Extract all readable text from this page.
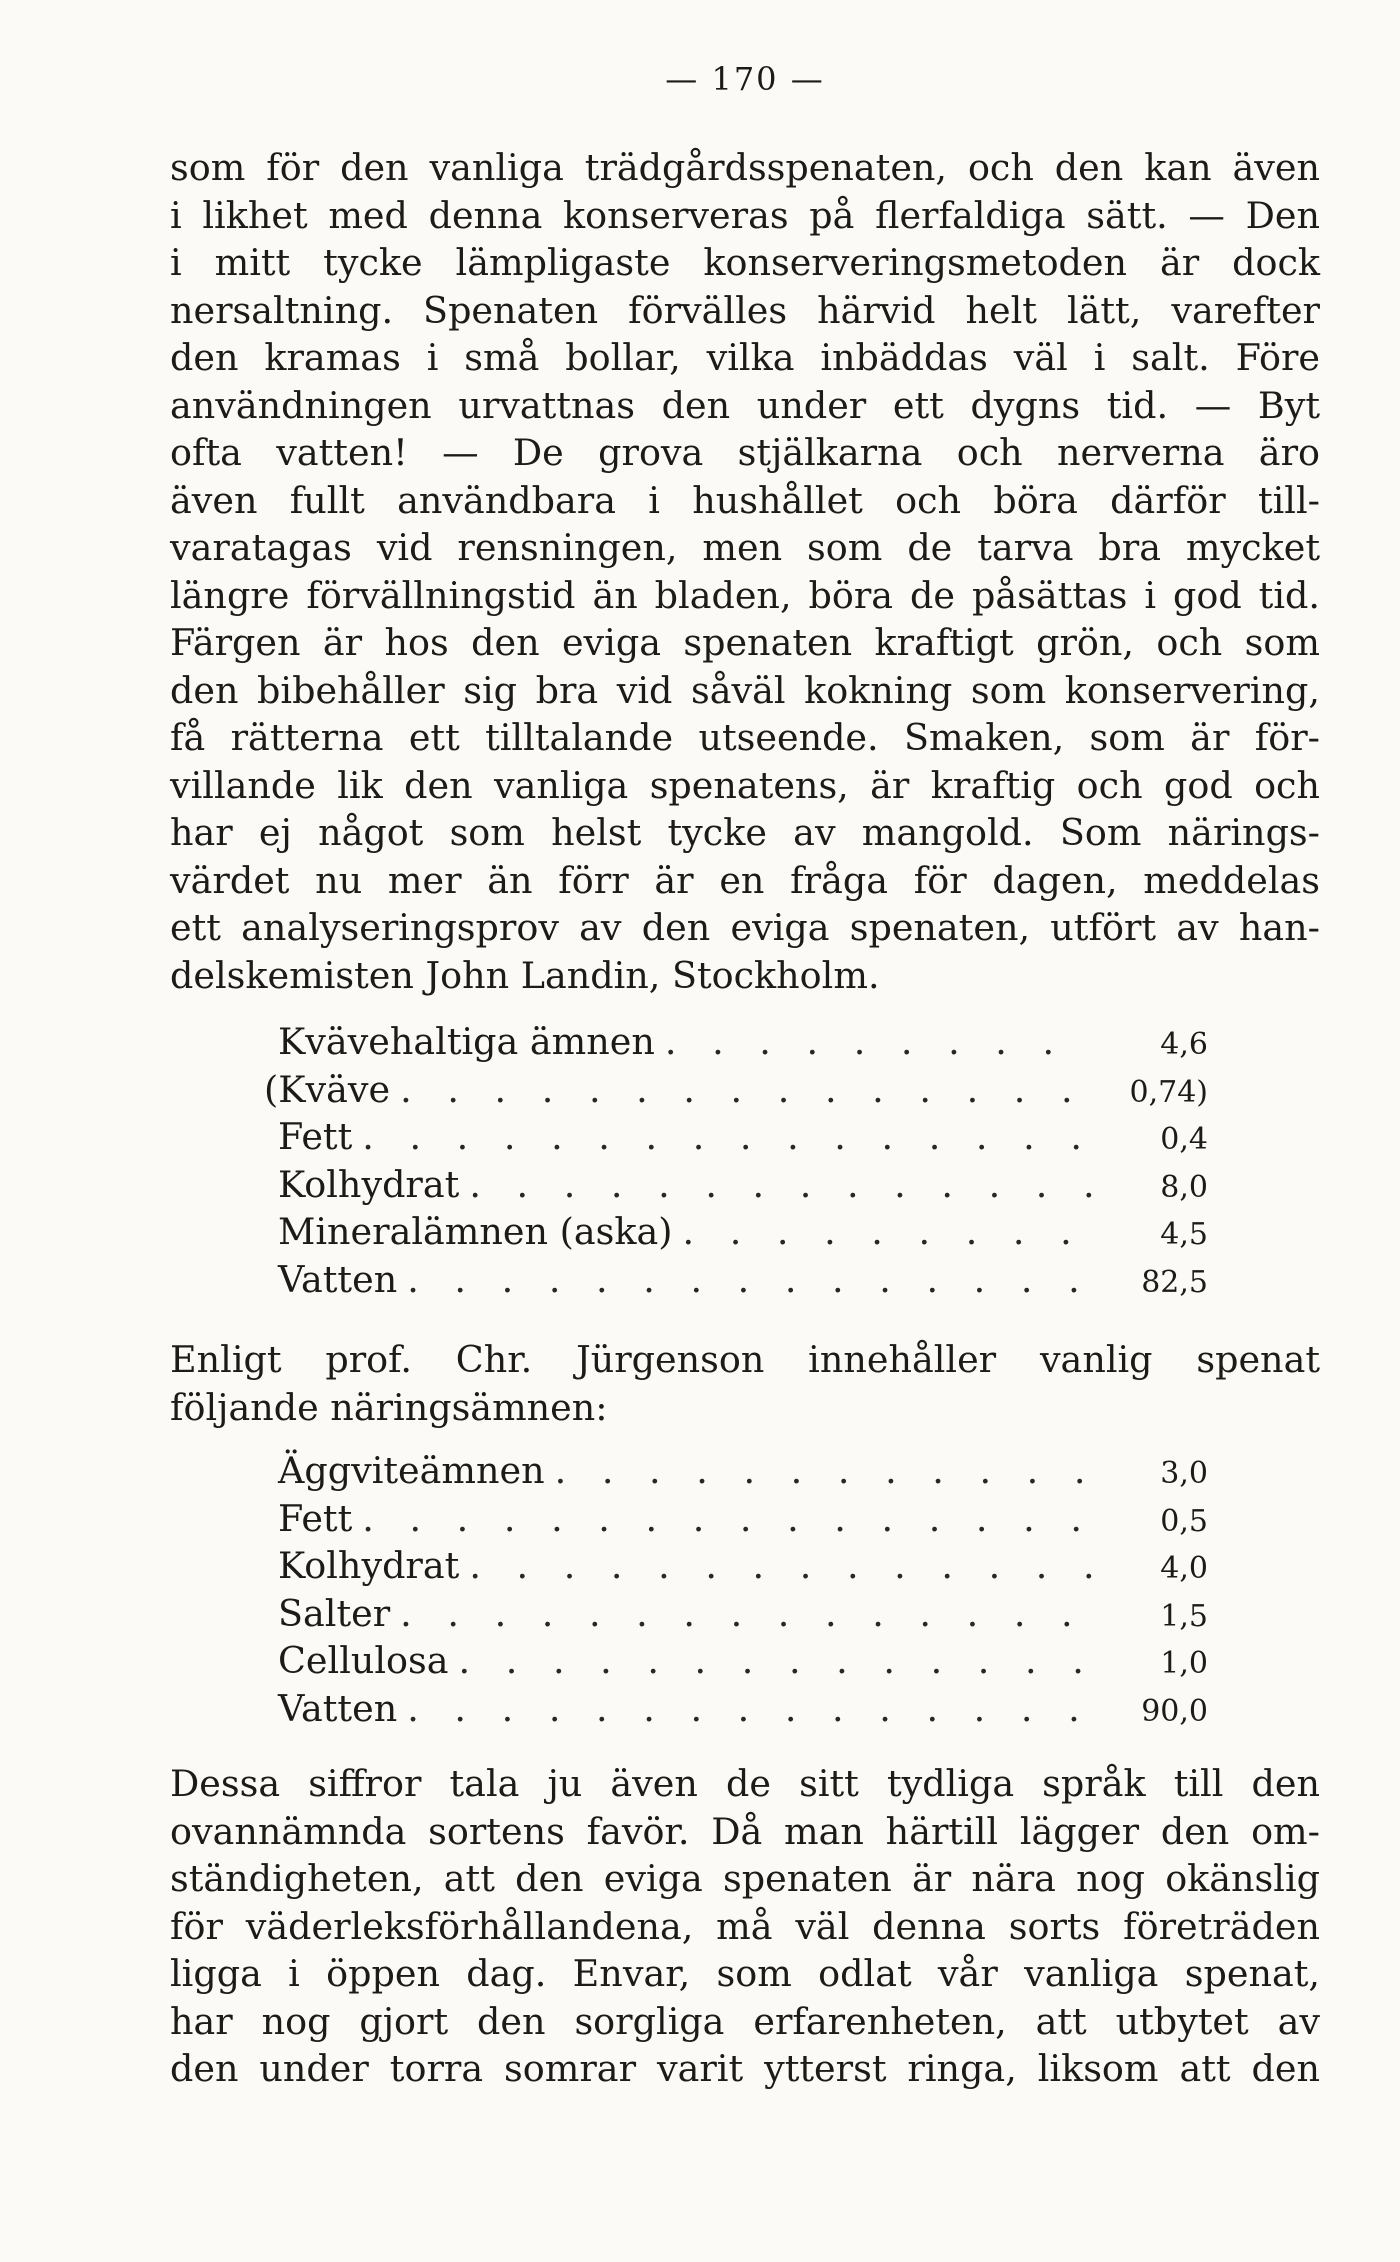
— 170 —
som för den vanliga trädgårdsspenaten, och den kan även
i likhet med denna konserveras på flerfaldiga sätt. — Den
i mitt tycke lämpligaste konserveringsmetoden är dock
nersaltning. Spenaten förvälles härvid helt lätt, varefter
den kramas i små bollar, vilka inbäddas väl i salt. Före
användningen urvattnas den under ett dygns tid. — Byt
ofta vatten! — De grova stjälkarna och nerverna äro
även fullt användbara i hushållet och böra därför till-
varatagas vid rensningen, men som de tarva bra mycket
längre förvällningstid än bladen, böra de påsättas i god tid.
Färgen är hos den eviga spenaten kraftigt grön, och som
den bibehåller sig bra vid såväl kokning som konservering,
få rätterna ett tilltalande utseende. Smaken, som är för-
villande lik den vanliga spenatens, är kraftig och god och
har ej något som helst tycke av mangold. Som närings-
värdet nu mer än förr är en fråga för dagen, meddelas
ett analyseringsprov av den eviga spenaten, utfört av han-
delskemisten John Landin, Stockholm.
Kvävehaltiga ämnen . . . . . . . . .	4,6
(Kväve . . . . . . . . . . . . . . .	0,74)
Fett . . . . . . . . . . . . . . . .	0,4
Kolhydrat . . . . . . . . . . . . . .	8,0
Mineralämnen (aska) . . . . . . . . .	4,5
Vatten . . . . . . . . . . . . . . .	82,5
Enligt prof. Chr. Jürgenson innehåller vanlig spenat
följande näringsämnen:
Äggviteämnen . . . . . . . . . . . .	3,0
Fett . . . . . . . . . . . . . . . .	0,5
Kolhydrat . . . . . . . . . . . . . .	4,0
Salter . . . . . . . . . . . . . . .	1,5
Cellulosa . . . . . . . . . . . . . .	1,0
Vatten . . . . . . . . . . . . . . .	90,0
Dessa siffror tala ju även de sitt tydliga språk till den
ovannämnda sortens favör. Då man härtill lägger den om-
ständigheten, att den eviga spenaten är nära nog okänslig
för väderleksförhållandena, må väl denna sorts företräden
ligga i öppen dag. Envar, som odlat vår vanliga spenat,
har nog gjort den sorgliga erfarenheten, att utbytet av
den under torra somrar varit ytterst ringa, liksom att den
